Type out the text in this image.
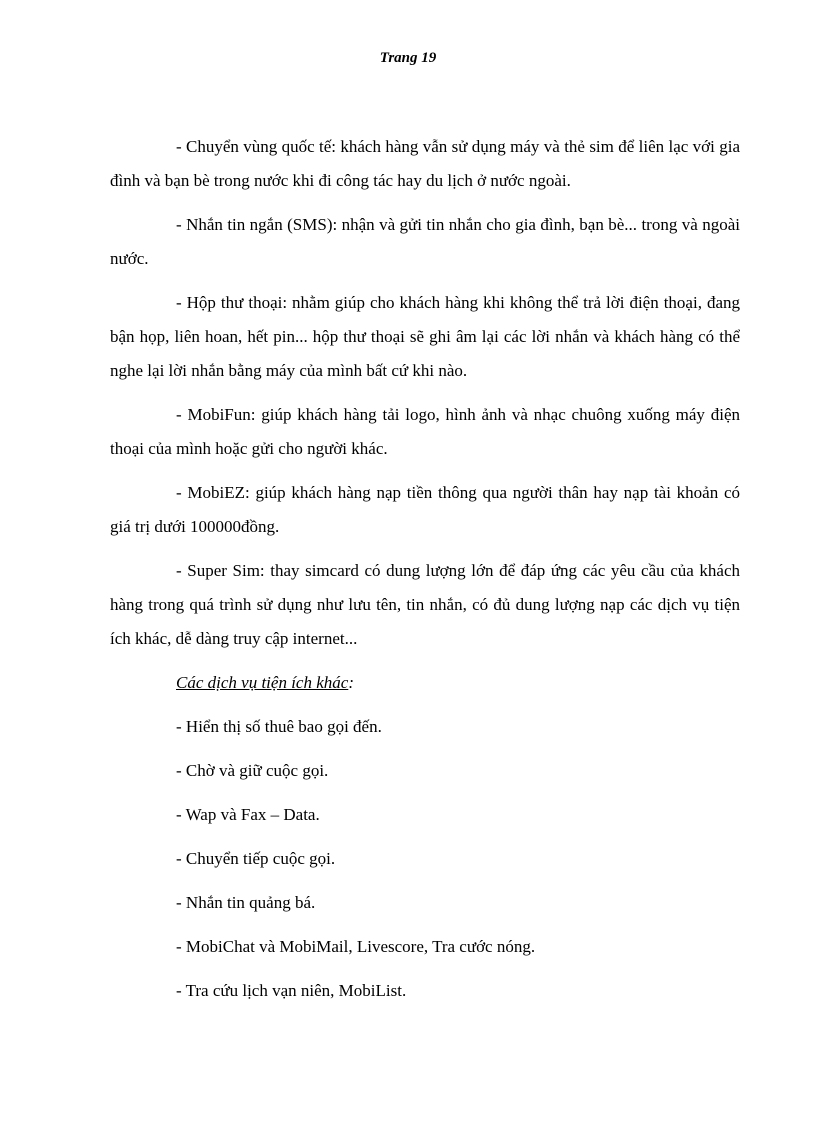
Trang 19

- Chuyển vùng quốc tế: khách hàng vẫn sử dụng máy và thẻ sim để liên lạc với gia đình và bạn bè trong nước khi đi công tác hay du lịch ở nước ngoài.

- Nhắn tin ngắn (SMS): nhận và gửi tin nhắn cho gia đình, bạn bè... trong và ngoài nước.

- Hộp thư thoại: nhằm giúp cho khách hàng khi không thể trả lời điện thoại, đang bận họp, liên hoan, hết pin... hộp thư thoại sẽ ghi âm lại các lời nhắn và khách hàng có thể nghe lại lời nhắn bằng máy của mình bất cứ khi nào.

- MobiFun: giúp khách hàng tải logo, hình ảnh và nhạc chuông xuống máy điện thoại của mình hoặc gửi cho người khác.

- MobiEZ: giúp khách hàng nạp tiền thông qua người thân hay nạp tài khoản có giá trị dưới 100000đồng.

- Super Sim: thay simcard có dung lượng lớn để đáp ứng các yêu cầu của khách hàng trong quá trình sử dụng như lưu tên, tin nhắn, có đủ dung lượng nạp các dịch vụ tiện ích khác, dễ dàng truy cập internet...

Các dịch vụ tiện ích khác:

- Hiển thị số thuê bao gọi đến.
- Chờ và giữ cuộc gọi.
- Wap và Fax – Data.
- Chuyển tiếp cuộc gọi.
- Nhắn tin quảng bá.
- MobiChat và MobiMail, Livescore, Tra cước nóng.
- Tra cứu lịch vạn niên, MobiList.
